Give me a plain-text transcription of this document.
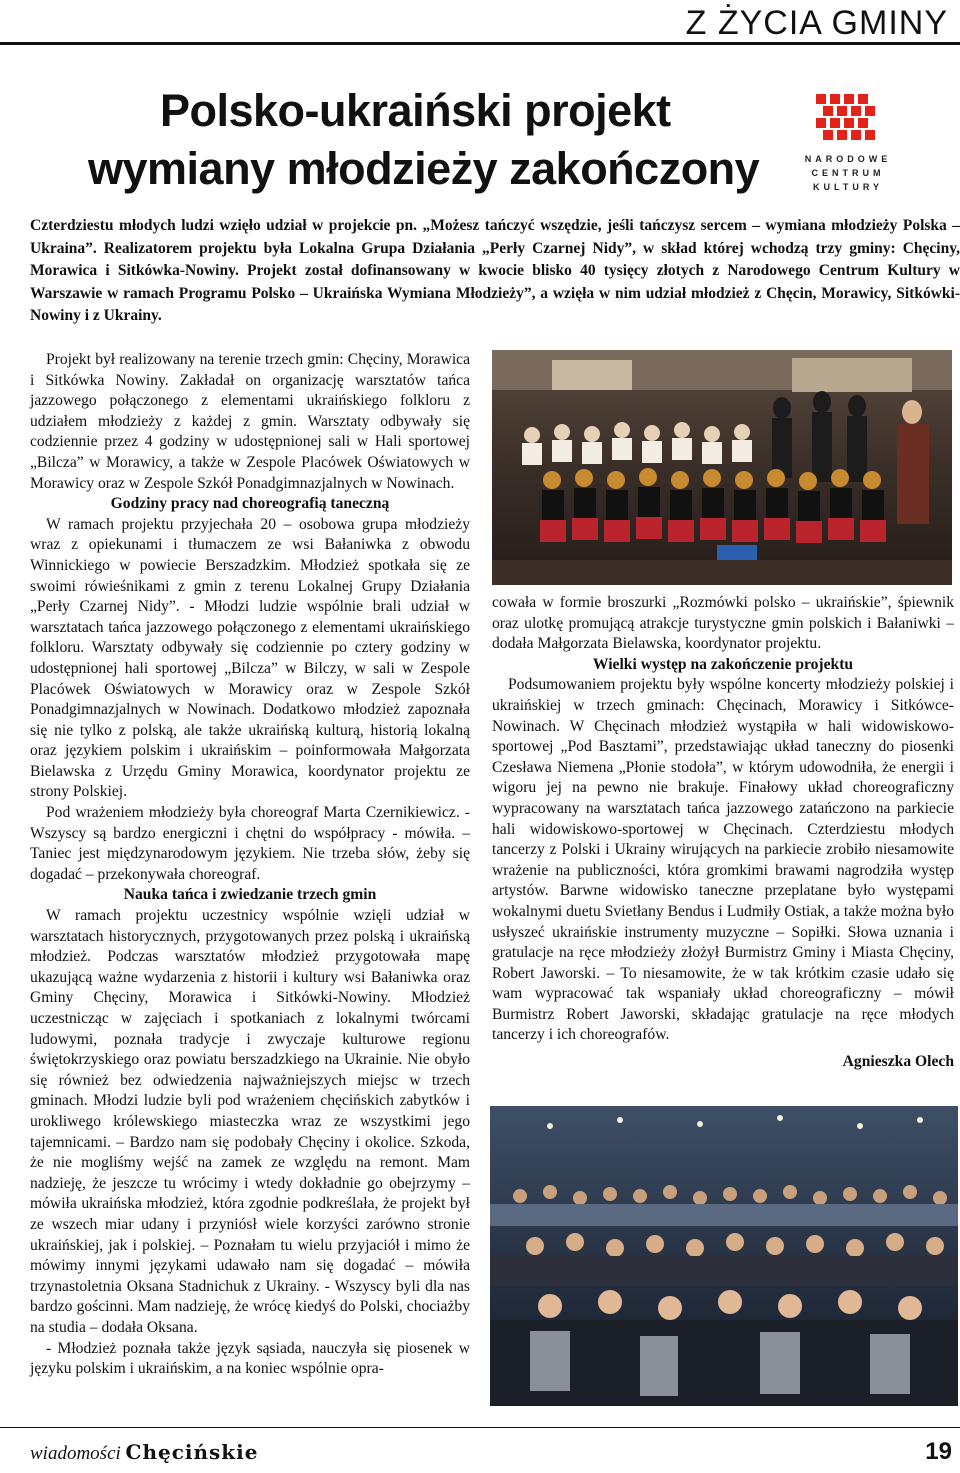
Z ŻYCIA GMINY
Polsko-ukraiński projekt
wymiany młodzieży zakończony	NARODOWE
CENTRUM
KULTURY

Czterdziestu młodych ludzi wzięło udział w projekcie pn. „Możesz tańczyć wszędzie, jeśli tańczysz sercem – wymiana młodzieży Polska – Ukraina”. Realizatorem projektu była Lokalna Grupa Działania „Perły Czarnej Nidy”, w skład której wchodzą trzy gminy: Chęciny, Morawica i Sitkówka-Nowiny. Projekt został dofinansowany w kwocie blisko 40 tysięcy złotych z Narodowego Centrum Kultury w Warszawie w ramach Programu Polsko – Ukraińska Wymiana Młodzieży”, a wzięła w nim udział młodzież z Chęcin, Morawicy, Sitkówki-Nowiny i z Ukrainy.

Projekt był realizowany na terenie trzech gmin: Chęciny, Morawica i Sitkówka Nowiny. Zakładał on organizację warsztatów tańca jazzowego połączonego z elementami ukraińskiego folkloru z udziałem młodzieży z każdej z gmin. Warsztaty odbywały się codziennie przez 4 godziny w udostępnionej sali w Hali sportowej „Bilcza” w Morawicy, a także w Zespole Placówek Oświatowych w Morawicy oraz w Zespole Szkół Ponadgimnazjalnych w Nowinach.

Godziny pracy nad choreografią taneczną

W ramach projektu przyjechała 20 – osobowa grupa młodzieży wraz z opiekunami i tłumaczem ze wsi Bałaniwka z obwodu Winnickiego w powiecie Berszadzkim. Młodzież spotkała się ze swoimi rówieśnikami z gmin z terenu Lokalnej Grupy Działania „Perły Czarnej Nidy”. - Młodzi ludzie wspólnie brali udział w warsztatach tańca jazzowego połączonego z elementami ukraińskiego folkloru. Warsztaty odbywały się codziennie po cztery godziny w udostępnionej hali sportowej „Bilcza” w Bilczy, w sali w Zespole Placówek Oświatowych w Morawicy oraz w Zespole Szkół Ponadgimnazjalnych w Nowinach. Dodatkowo młodzież zapoznała się nie tylko z polską, ale także ukraińską kulturą, historią lokalną oraz językiem polskim i ukraińskim – poinformowała Małgorzata Bielawska z Urzędu Gminy Morawica, koordynator projektu ze strony Polskiej.

Pod wrażeniem młodzieży była choreograf Marta Czernikiewicz. - Wszyscy są bardzo energiczni i chętni do współpracy - mówiła. – Taniec jest międzynarodowym językiem. Nie trzeba słów, żeby się dogadać – przekonywała choreograf.

Nauka tańca i zwiedzanie trzech gmin

W ramach projektu uczestnicy wspólnie wzięli udział w warsztatach historycznych, przygotowanych przez polską i ukraińską młodzież. Podczas warsztatów młodzież przygotowała mapę ukazującą ważne wydarzenia z historii i kultury wsi Bałaniwka oraz Gminy Chęciny, Morawica i Sitkówki-Nowiny. Młodzież uczestnicząc w zajęciach i spotkaniach z lokalnymi twórcami ludowymi, poznała tradycje i zwyczaje kulturowe regionu świętokrzyskiego oraz powiatu berszadzkiego na Ukrainie. Nie obyło się również bez odwiedzenia najważniejszych miejsc w trzech gminach. Młodzi ludzie byli pod wrażeniem chęcińskich zabytków i urokliwego królewskiego miasteczka wraz ze wszystkimi jego tajemnicami. – Bardzo nam się podobały Chęciny i okolice. Szkoda, że nie mogliśmy wejść na zamek ze względu na remont. Mam nadzieję, że jeszcze tu wrócimy i wtedy dokładnie go obejrzymy – mówiła ukraińska młodzież, która zgodnie podkreślała, że projekt był ze wszech miar udany i przyniósł wiele korzyści zarówno stronie ukraińskiej, jak i polskiej. – Poznałam tu wielu przyjaciół i mimo że mówimy innymi językami udawało nam się dogadać – mówiła trzynastoletnia Oksana Stadnichuk z Ukrainy. - Wszyscy byli dla nas bardzo gościnni. Mam nadzieję, że wrócę kiedyś do Polski, chociażby na studia – dodała Oksana.

- Młodzież poznała także język sąsiada, nauczyła się piosenek w języku polskim i ukraińskim, a na koniec wspólnie opra-

cowała w formie broszurki „Rozmówki polsko – ukraińskie”, śpiewnik oraz ulotkę promującą atrakcje turystyczne gmin polskich i Bałaniwki – dodała Małgorzata Bielawska, koordynator projektu.

Wielki występ na zakończenie projektu

Podsumowaniem projektu były wspólne koncerty młodzieży polskiej i ukraińskiej w trzech gminach: Chęcinach, Morawicy i Sitkówce-Nowinach. W Chęcinach młodzież wystąpiła w hali widowiskowo-sportowej „Pod Basztami”, przedstawiając układ taneczny do piosenki Czesława Niemena „Płonie stodoła”, w którym udowodniła, że energii i wigoru jej na pewno nie brakuje. Finałowy układ choreograficzny wypracowany na warsztatach tańca jazzowego zatańczono na parkiecie hali widowiskowo-sportowej w Chęcinach. Czterdziestu młodych tancerzy z Polski i Ukrainy wirujących na parkiecie zrobiło niesamowite wrażenie na publiczności, która gromkimi brawami nagrodziła występ artystów. Barwne widowisko taneczne przeplatane było występami wokalnymi duetu Svietłany Bendus i Ludmiły Ostiak, a także można było usłyszeć ukraińskie instrumenty muzyczne – Sopiłki. Słowa uznania i gratulacje na ręce młodzieży złożył Burmistrz Gminy i Miasta Chęciny, Robert Jaworski. – To niesamowite, że w tak krótkim czasie udało się wam wypracować tak wspaniały układ choreograficzny – mówił Burmistrz Robert Jaworski, składając gratulacje na ręce młodych tancerzy i ich choreografów.

Agnieszka Olech
wiadomości Chęcińskie	19
